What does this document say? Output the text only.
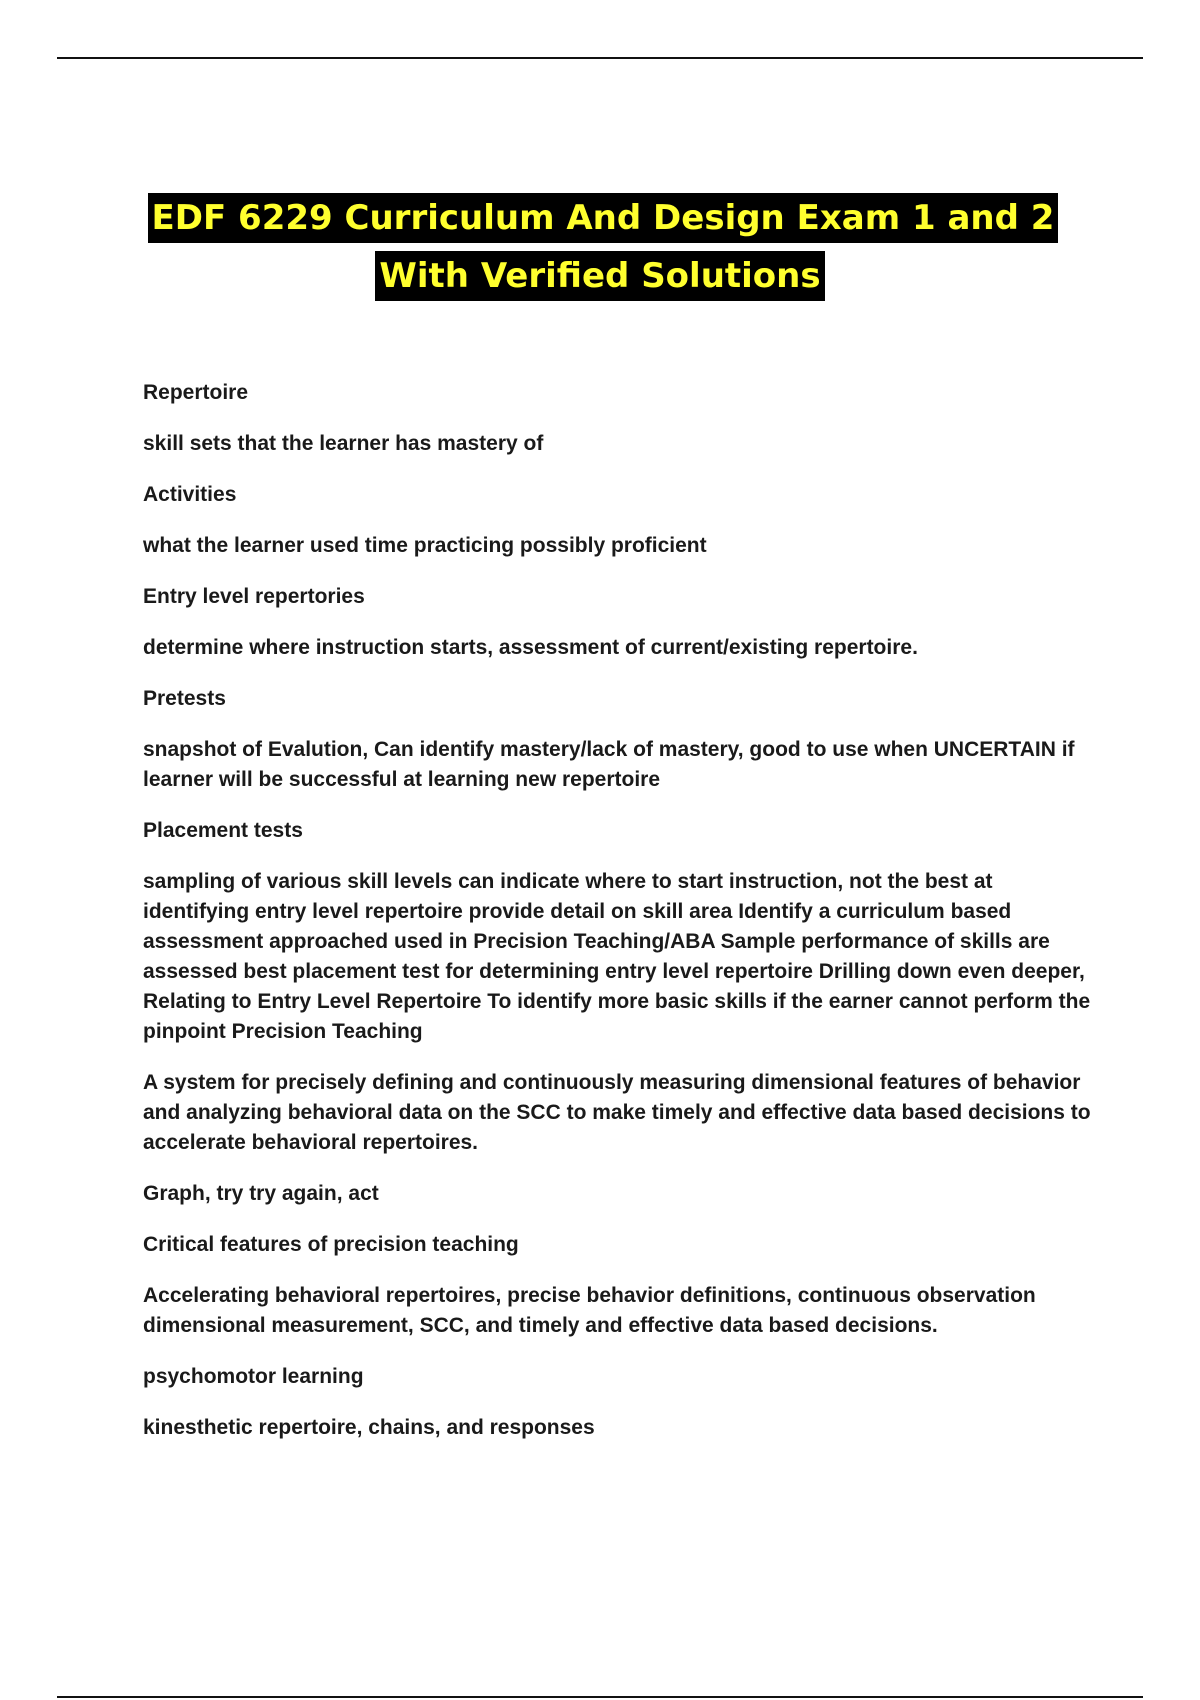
EDF 6229 Curriculum And Design Exam 1 and 2
With Verified Solutions

Repertoire

skill sets that the learner has mastery of

Activities

what the learner used time practicing possibly proficient

Entry level repertories

determine where instruction starts, assessment of current/existing repertoire.

Pretests

snapshot of Evalution, Can identify mastery/lack of mastery, good to use when UNCERTAIN if learner will be successful at learning new repertoire

Placement tests

sampling of various skill levels can indicate where to start instruction, not the best at identifying entry level repertoire provide detail on skill area Identify a curriculum based assessment approached used in Precision Teaching/ABA Sample performance of skills are assessed best placement test for determining entry level repertoire Drilling down even deeper, Relating to Entry Level Repertoire To identify more basic skills if the earner cannot perform the pinpoint Precision Teaching

A system for precisely defining and continuously measuring dimensional features of behavior and analyzing behavioral data on the SCC to make timely and effective data based decisions to accelerate behavioral repertoires.

Graph, try try again, act

Critical features of precision teaching

Accelerating behavioral repertoires, precise behavior definitions, continuous observation dimensional measurement, SCC, and timely and effective data based decisions.

psychomotor learning

kinesthetic repertoire, chains, and responses
